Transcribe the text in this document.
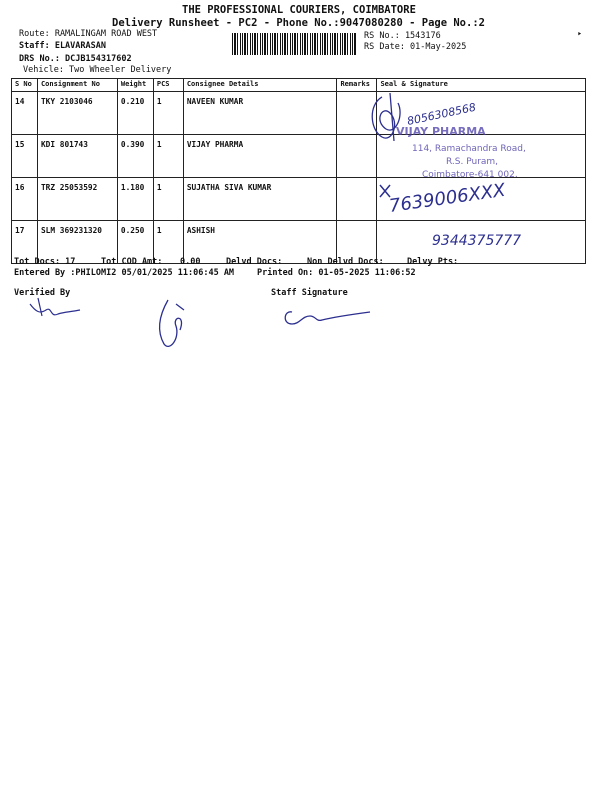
THE PROFESSIONAL COURIERS, COIMBATORE
Delivery Runsheet - PC2 - Phone No.:9047080280 - Page No.:2
Route: RAMALINGAM ROAD WEST
Staff: ELAVARASAN
DRS No.: DCJB154317602
Vehicle: Two Wheeler Delivery
RS No.: 1543176
RS Date: 01-May-2025
‣
S No	Consignment No	Weight	PCS	Consignee Details	Remarks	Seal & Signature
14	TKY 2103046	0.210	1	NAVEEN KUMAR		
15	KDI 801743	0.390	1	VIJAY PHARMA		
16	TRZ 25053592	1.180	1	SUJATHA SIVA KUMAR		
17	SLM 369231320	0.250	1	ASHISH		
8056308568
VIJAY PHARMA
114, Ramachandra Road,
R.S. Puram,
Coimbatore-641 002.
7639006XXX
9344375777
Tot Docs: 17	Tot COD Amt: 0.00	Delvd Docs:	Non Delvd Docs:	Delvy Pts:
Entered By :PHILOMI2 05/01/2025 11:06:45 AM	Printed On: 01-05-2025 11:06:52
Verified By	Staff Signature
